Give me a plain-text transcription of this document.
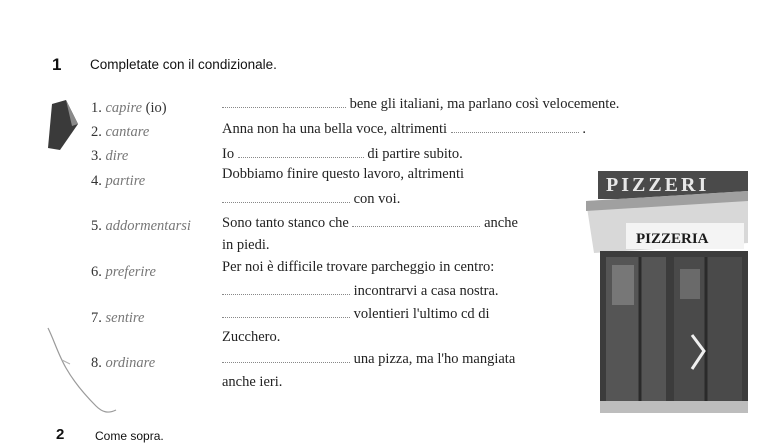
1 Completate con il condizionale.
1. capire (io)	bene gli italiani, ma parlano così velocemente.
2. cantare	Anna non ha una bella voce, altrimenti	.
3. dire	Io	di partire subito.
4. partire	Dobbiamo finire questo lavoro, altrimenti
con voi.
5. addormentarsi Sono tanto stanco che	anche
in piedi.
6. preferire	Per noi è difficile trovare parcheggio in centro:
incontrarvi a casa nostra.
7. sentire	volentieri l'ultimo cd di
Zucchero.
8. ordinare	una pizza, ma l'ho mangiata
anche ieri.
PIZZERI
PIZZERIA
2	Come sopra.
